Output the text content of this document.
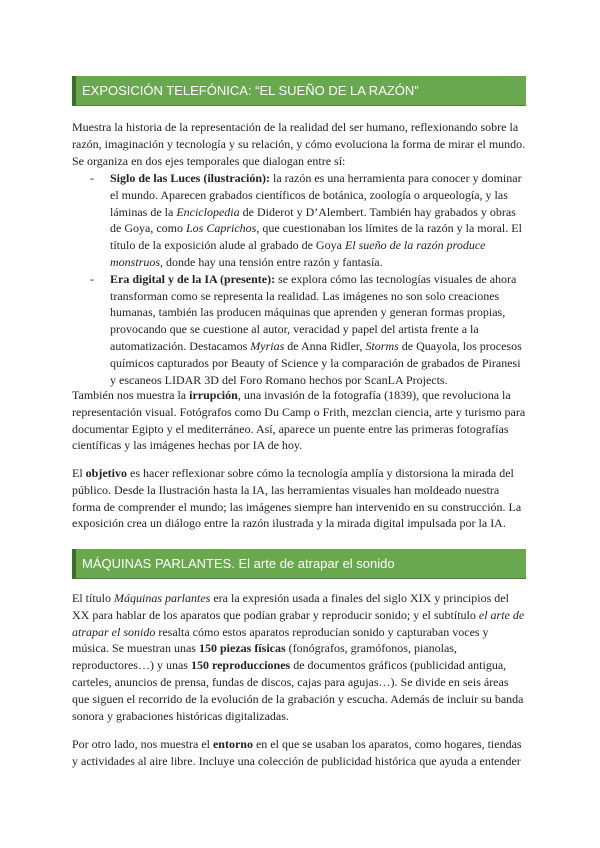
EXPOSICIÓN TELEFÓNICA: “EL SUEÑO DE LA RAZÓN”

Muestra la historia de la representación de la realidad del ser humano, reflexionando sobre la razón, imaginación y tecnología y su relación, y cómo evoluciona la forma de mirar el mundo. Se organiza en dos ejes temporales que dialogan entre sí:

- Siglo de las Luces (ilustración): la razón es una herramienta para conocer y dominar el mundo. Aparecen grabados científicos de botánica, zoología o arqueología, y las láminas de la Enciclopedia de Diderot y D’Alembert. También hay grabados y obras de Goya, como Los Caprichos, que cuestionaban los límites de la razón y la moral. El título de la exposición alude al grabado de Goya El sueño de la razón produce monstruos, donde hay una tensión entre razón y fantasía.
- Era digital y de la IA (presente): se explora cómo las tecnologías visuales de ahora transforman como se representa la realidad. Las imágenes no son solo creaciones humanas, también las producen máquinas que aprenden y generan formas propias, provocando que se cuestione al autor, veracidad y papel del artista frente a la automatización. Destacamos Myrias de Anna Ridler, Storms de Quayola, los procesos químicos capturados por Beauty of Science y la comparación de grabados de Piranesi y escaneos LIDAR 3D del Foro Romano hechos por ScanLA Projects.

También nos muestra la irrupción, una invasión de la fotografía (1839), que revoluciona la representación visual. Fotógrafos como Du Camp o Frith, mezclan ciencia, arte y turismo para documentar Egipto y el mediterráneo. Así, aparece un puente entre las primeras fotografías científicas y las imágenes hechas por IA de hoy.

El objetivo es hacer reflexionar sobre cómo la tecnología amplía y distorsiona la mirada del público. Desde la Ilustración hasta la IA, las herramientas visuales han moldeado nuestra forma de comprender el mundo; las imágenes siempre han intervenido en su construcción. La exposición crea un diálogo entre la razón ilustrada y la mirada digital impulsada por la IA.

MÁQUINAS PARLANTES. El arte de atrapar el sonido

El título Máquinas parlantes era la expresión usada a finales del siglo XIX y principios del XX para hablar de los aparatos que podían grabar y reproducir sonido; y el subtítulo el arte de atrapar el sonido resalta cómo estos aparatos reproducían sonido y capturaban voces y música. Se muestran unas 150 piezas físicas (fonógrafos, gramófonos, pianolas, reproductores…) y unas 150 reproducciones de documentos gráficos (publicidad antigua, carteles, anuncios de prensa, fundas de discos, cajas para agujas…). Se divide en seis áreas que siguen el recorrido de la evolución de la grabación y escucha. Además de incluir su banda sonora y grabaciones históricas digitalizadas.

Por otro lado, nos muestra el entorno en el que se usaban los aparatos, como hogares, tiendas y actividades al aire libre. Incluye una colección de publicidad histórica que ayuda a entender
